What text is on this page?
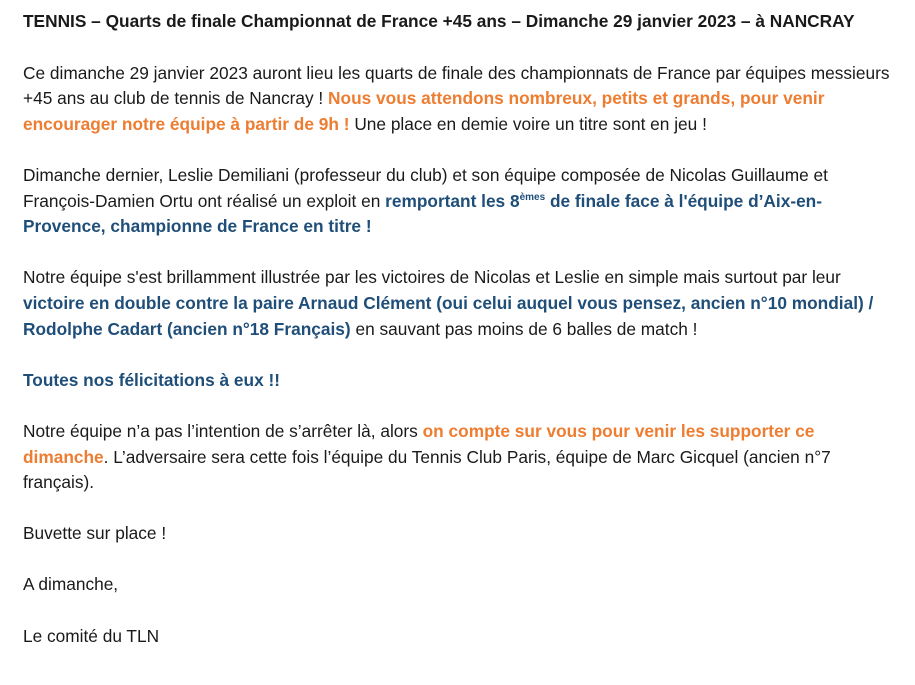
TENNIS – Quarts de finale Championnat de France +45 ans – Dimanche 29 janvier 2023 – à NANCRAY

Ce dimanche 29 janvier 2023 auront lieu les quarts de finale des championnats de France par équipes messieurs +45 ans au club de tennis de Nancray ! Nous vous attendons nombreux, petits et grands, pour venir encourager notre équipe à partir de 9h ! Une place en demie voire un titre sont en jeu !

Dimanche dernier, Leslie Demiliani (professeur du club) et son équipe composée de Nicolas Guillaume et François-Damien Ortu ont réalisé un exploit en remportant les 8èmes de finale face à l'équipe d’Aix-en-Provence, championne de France en titre !

Notre équipe s'est brillamment illustrée par les victoires de Nicolas et Leslie en simple mais surtout par leur victoire en double contre la paire Arnaud Clément (oui celui auquel vous pensez, ancien n°10 mondial) / Rodolphe Cadart (ancien n°18 Français) en sauvant pas moins de 6 balles de match !

Toutes nos félicitations à eux !!

Notre équipe n’a pas l’intention de s’arrêter là, alors on compte sur vous pour venir les supporter ce dimanche. L’adversaire sera cette fois l’équipe du Tennis Club Paris, équipe de Marc Gicquel (ancien n°7 français).

Buvette sur place !

A dimanche,

Le comité du TLN
